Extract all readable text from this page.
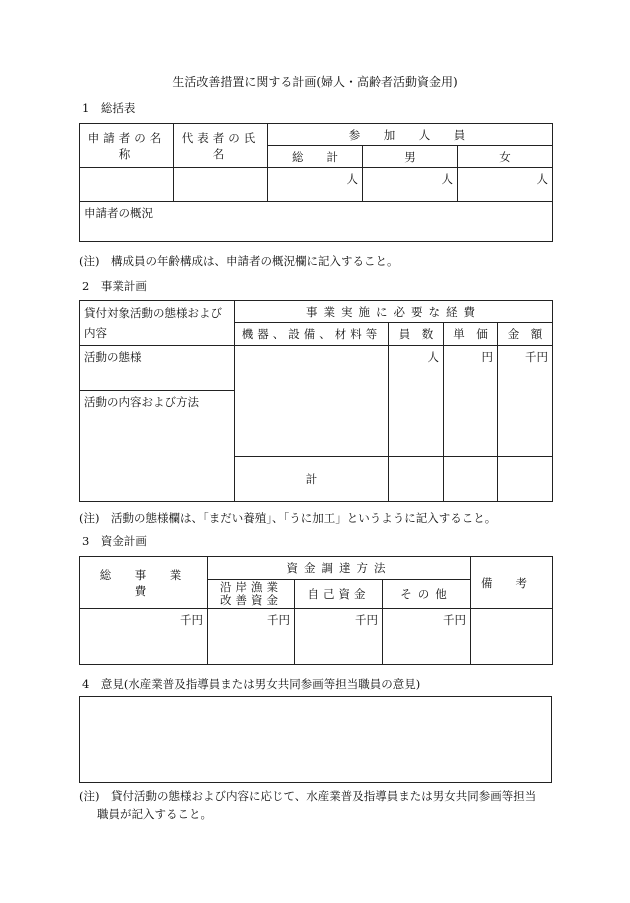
生活改善措置に関する計画(婦人・高齢者活動資金用)
1　総括表
申請者の名称	代表者の氏名	参　加　人　員		
		総　　計	男	女
		人	人	人
申請者の概況				
(注)　構成員の年齢構成は、申請者の概況欄に記入すること。
2　事業計画
貸付対象活動の態様および内容	事業実施に必要な経費			
	機器、設備、材料等	員　数	単　価	金　額
活動の態様		人	円	千円
活動の内容および方法				
	計			
(注)　活動の態様欄は、「まだい養殖」、「うに加工」というように記入すること。
3　資金計画
総　事　業　費	資金調達方法			備　　考

	沿岸漁業
改善資金	自己資金	その他	
千円	千円	千円	千円	
4　意見(水産業普及指導員または男女共同参画等担当職員の意見)
(注)　貸付活動の態様および内容に応じて、水産業普及指導員または男女共同参画等担当
職員が記入すること。
